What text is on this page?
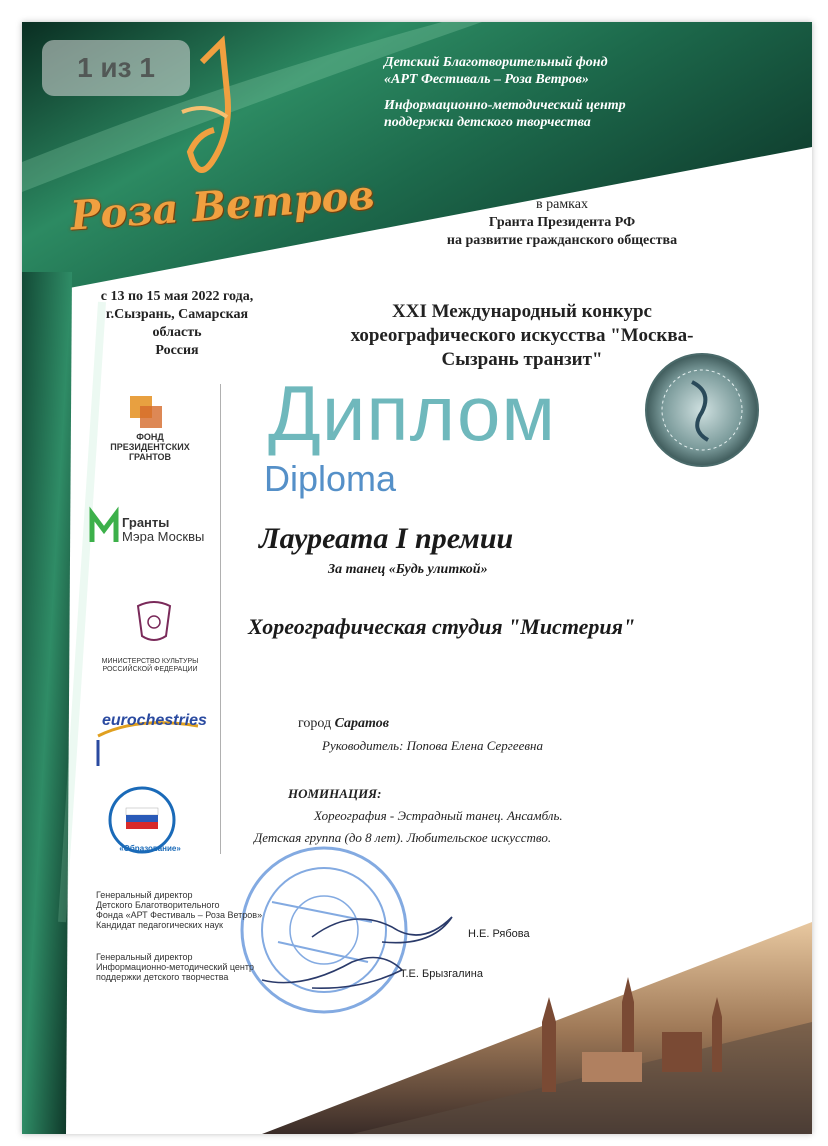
1 из 1
Роза Ветров
Детский Благотворительный фонд
«АРТ Фестиваль – Роза Ветров»
Информационно-методический центр
поддержки детского творчества
в рамках
Гранта Президента РФ
на развитие гражданского общества
с 13 по 15 мая 2022 года,
г.Сызрань, Самарская
область
Россия
XXI Международный конкурс
хореографического искусства "Москва-
Сызрань транзит"
ФОНД
ПРЕЗИДЕНТСКИХ
ГРАНТОВ
Гранты
Мэра Москвы
МИНИСТЕРСТВО КУЛЬТУРЫ
РОССИЙСКОЙ ФЕДЕРАЦИИ
eurochestries
«Образование»
Диплом
Diploma
Лауреата I премии
За танец «Будь улиткой»
Хореографическая студия "Мистерия"
город Саратов
Руководитель: Попова Елена Сергеевна
НОМИНАЦИЯ:
Хореография - Эстрадный танец. Ансамбль.
Детская группа (до 8 лет). Любительское искусство.
Генеральный директор
Детского Благотворительного
Фонда «АРТ Фестиваль – Роза Ветров»
Кандидат педагогических наук
Н.Е. Рябова
Генеральный директор
Информационно-методический центр
поддержки детского творчества	Т.Е. Брызгалина
